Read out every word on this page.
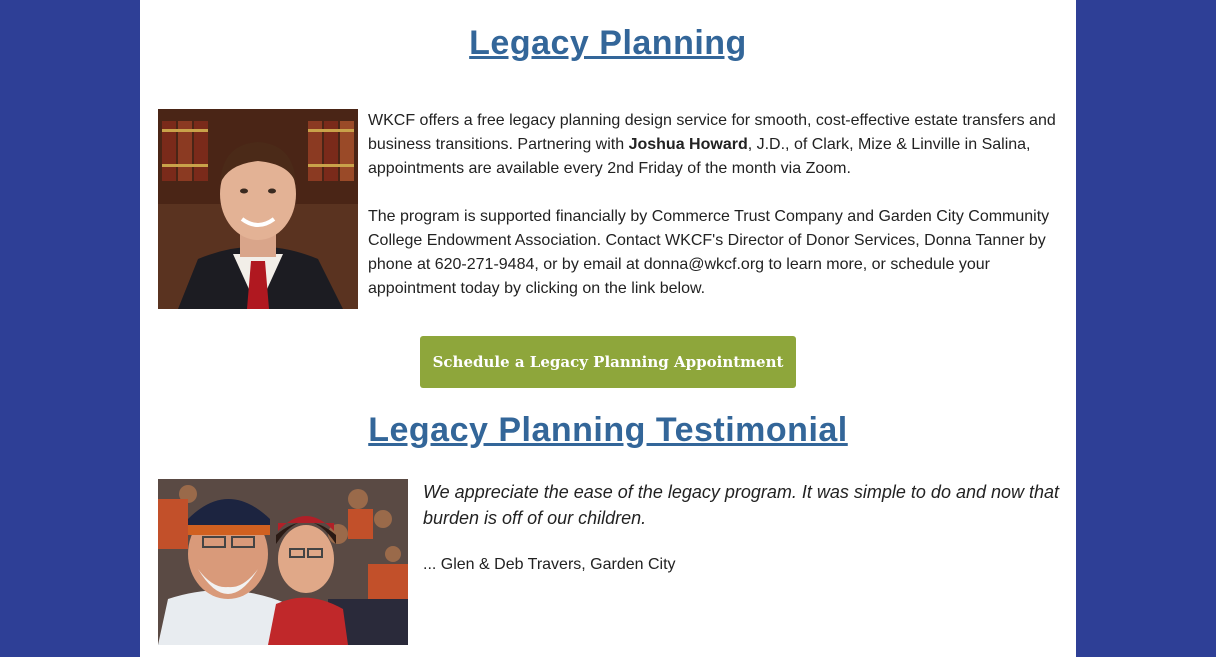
Legacy Planning

WKCF offers a free legacy planning design service for smooth, cost-effective estate transfers and business transitions. Partnering with Joshua Howard, J.D., of Clark, Mize & Linville in Salina, appointments are available every 2nd Friday of the month via Zoom.

The program is supported financially by Commerce Trust Company and Garden City Community College Endowment Association. Contact WKCF's Director of Donor Services, Donna Tanner by phone at 620-271-9484, or by email at donna@wkcf.org to learn more, or schedule your appointment today by clicking on the link below.

Schedule a Legacy Planning Appointment
Legacy Planning Testimonial
We appreciate the ease of the legacy program. It was simple to do and now that burden is off of our children.
... Glen & Deb Travers, Garden City
